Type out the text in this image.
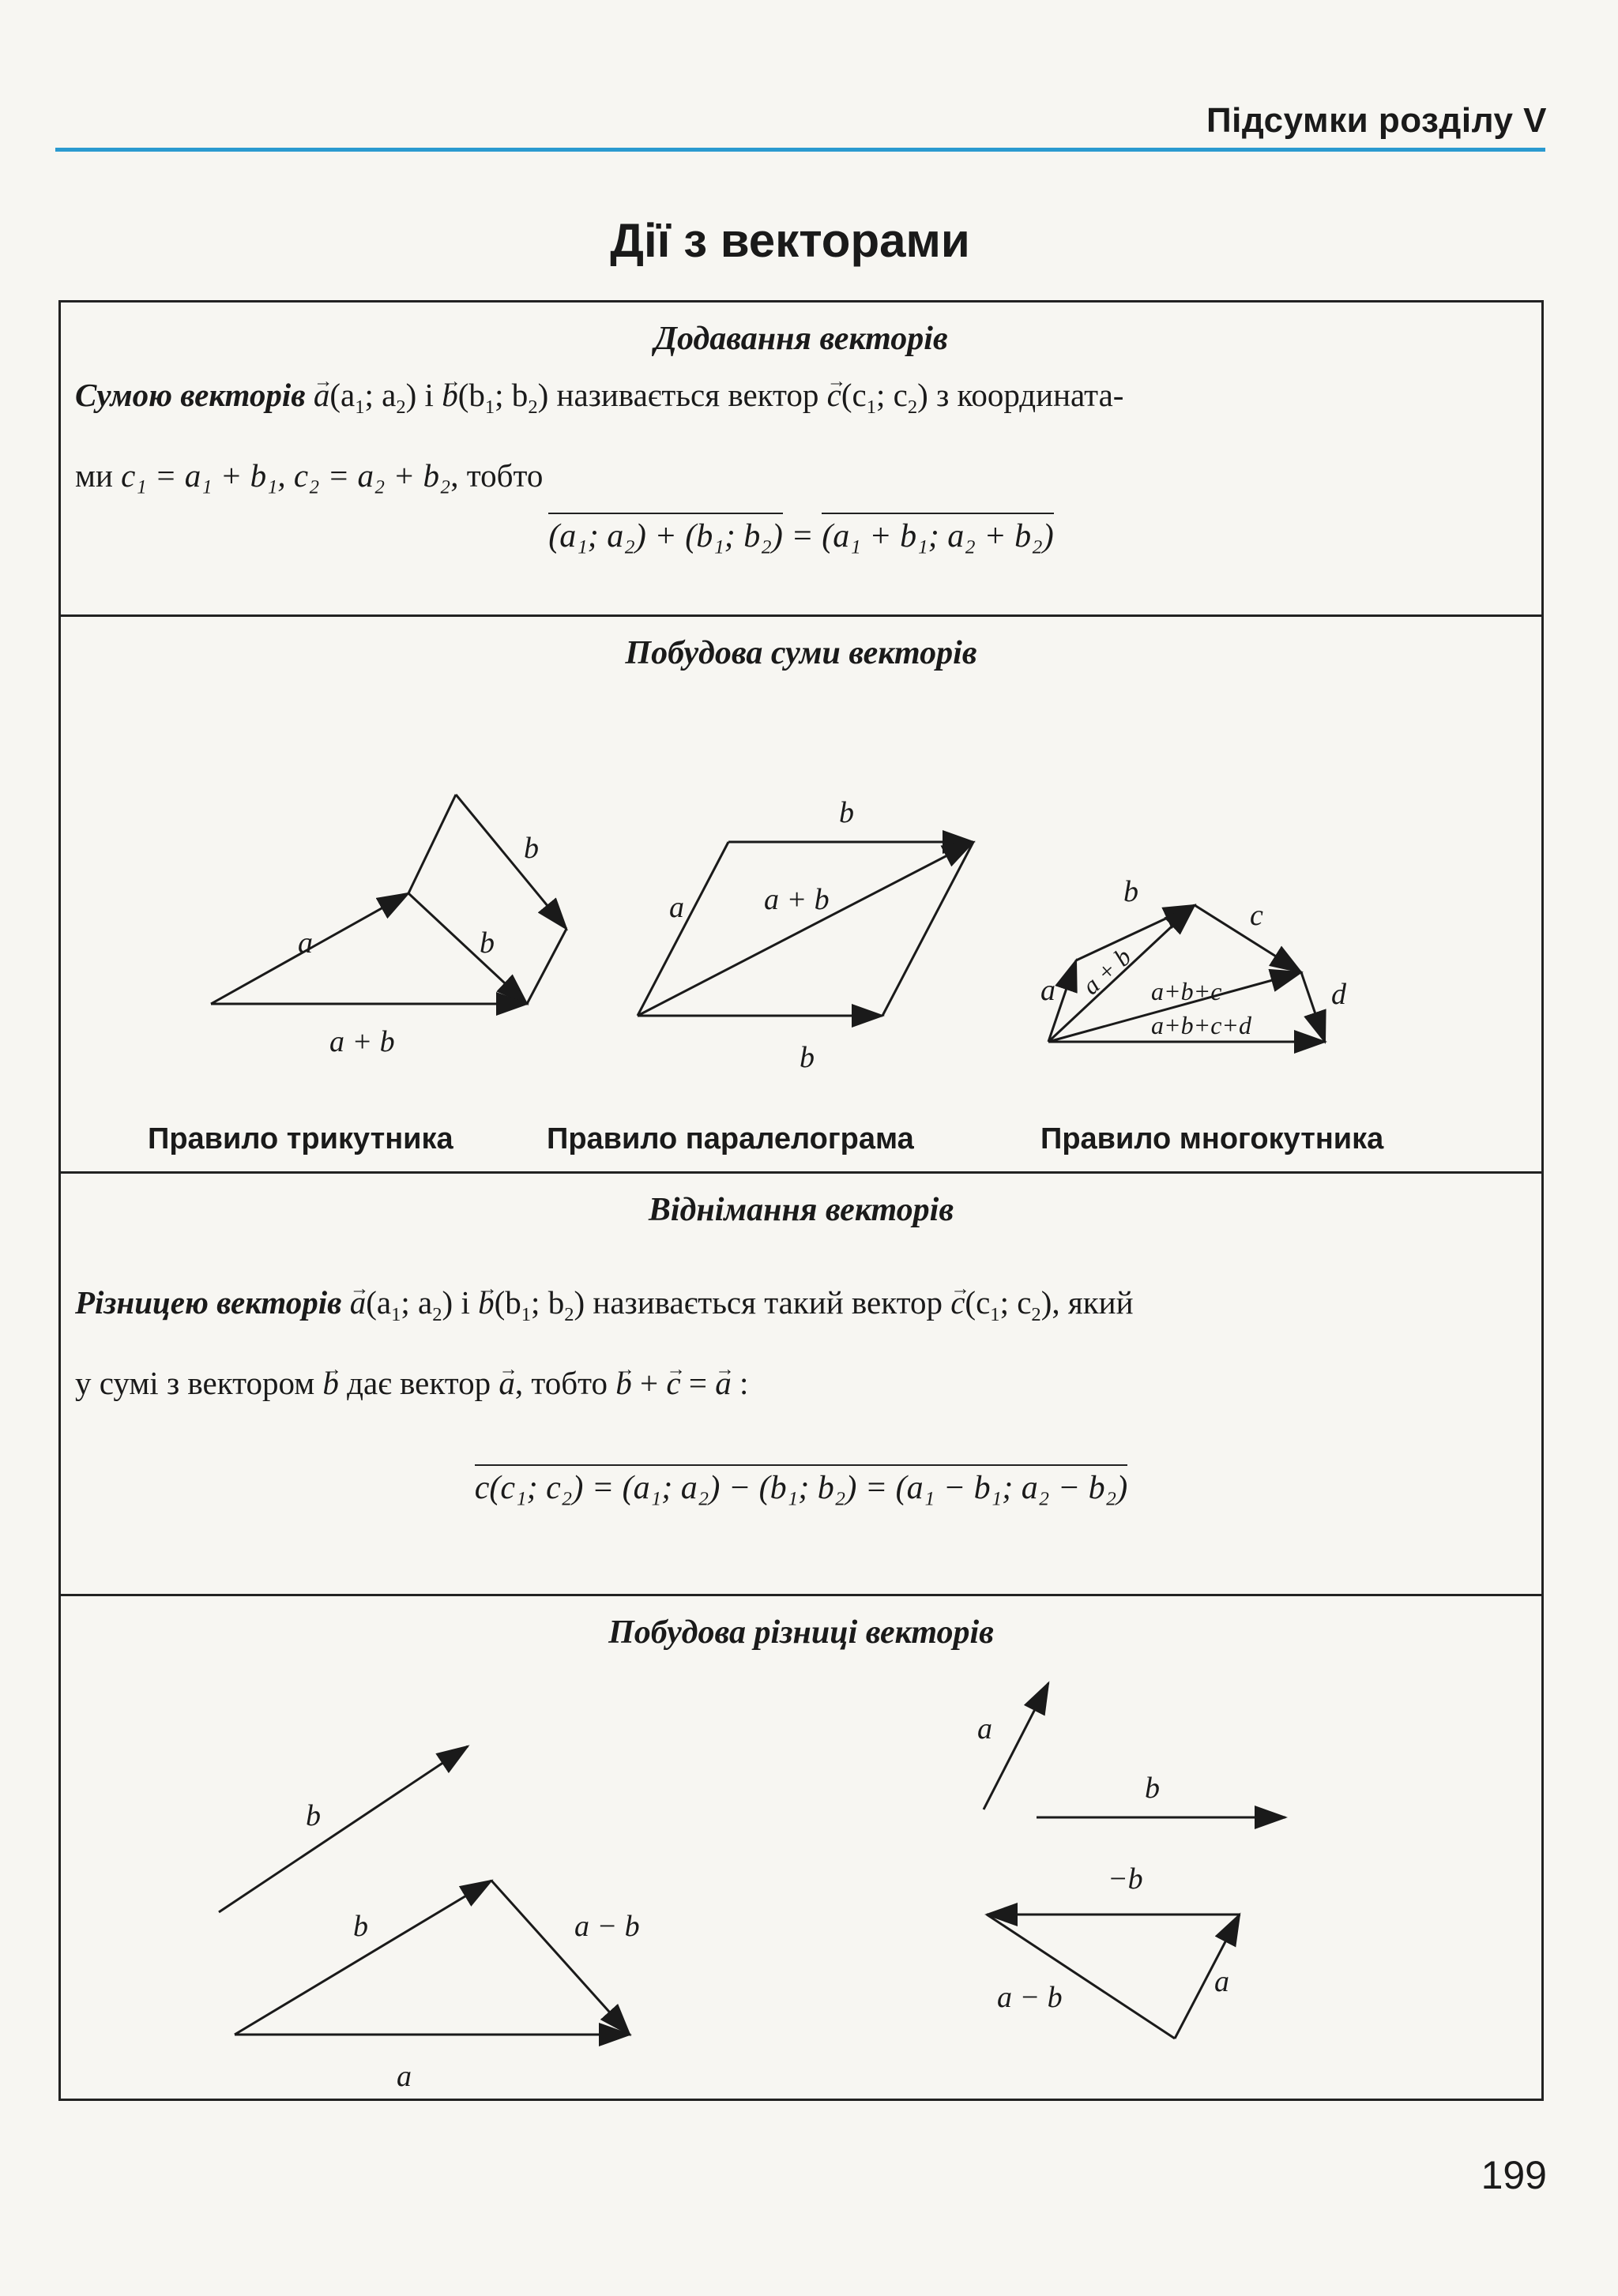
Підсумки розділу V
Дії з векторами
Додавання векторів
Сумою векторів → $a(a_1$; $a_2$) $і \to b(b_1$; $b_2$) називається вектор → $c(c_1$; $c_2$) з координата-
ми c₁ = a₁ + b₁, c₂ = a₂ + b₂, тобто
(a₁; a₂) + (b₁; b₂) = (a₁ + b₁; a₂ + b₂)
Побудова суми векторів
a
b
b
a + b
a
b
a + b
b
a
b
c
d
a + b a+b+c
a+b+c+d
Правило трикутника	Правило паралелограма	Правило многокутника
Віднімання векторів
Різницею векторів → $a(a_1$; $a_2$) $і \to b(b_1$; $b_2$) називається такий вектор → $c(c_1$; $c_2$), який
у сумі з вектором → b дає вектор → a, тобто → b + → c = → a :
c(c₁; c₂) = (a₁; a₂) − (b₁; b₂) = (a₁ − b₁; a₂ − b₂)
Побудова різниці векторів
b
b
a
a − b
a
b
−b
a
a − b
199
